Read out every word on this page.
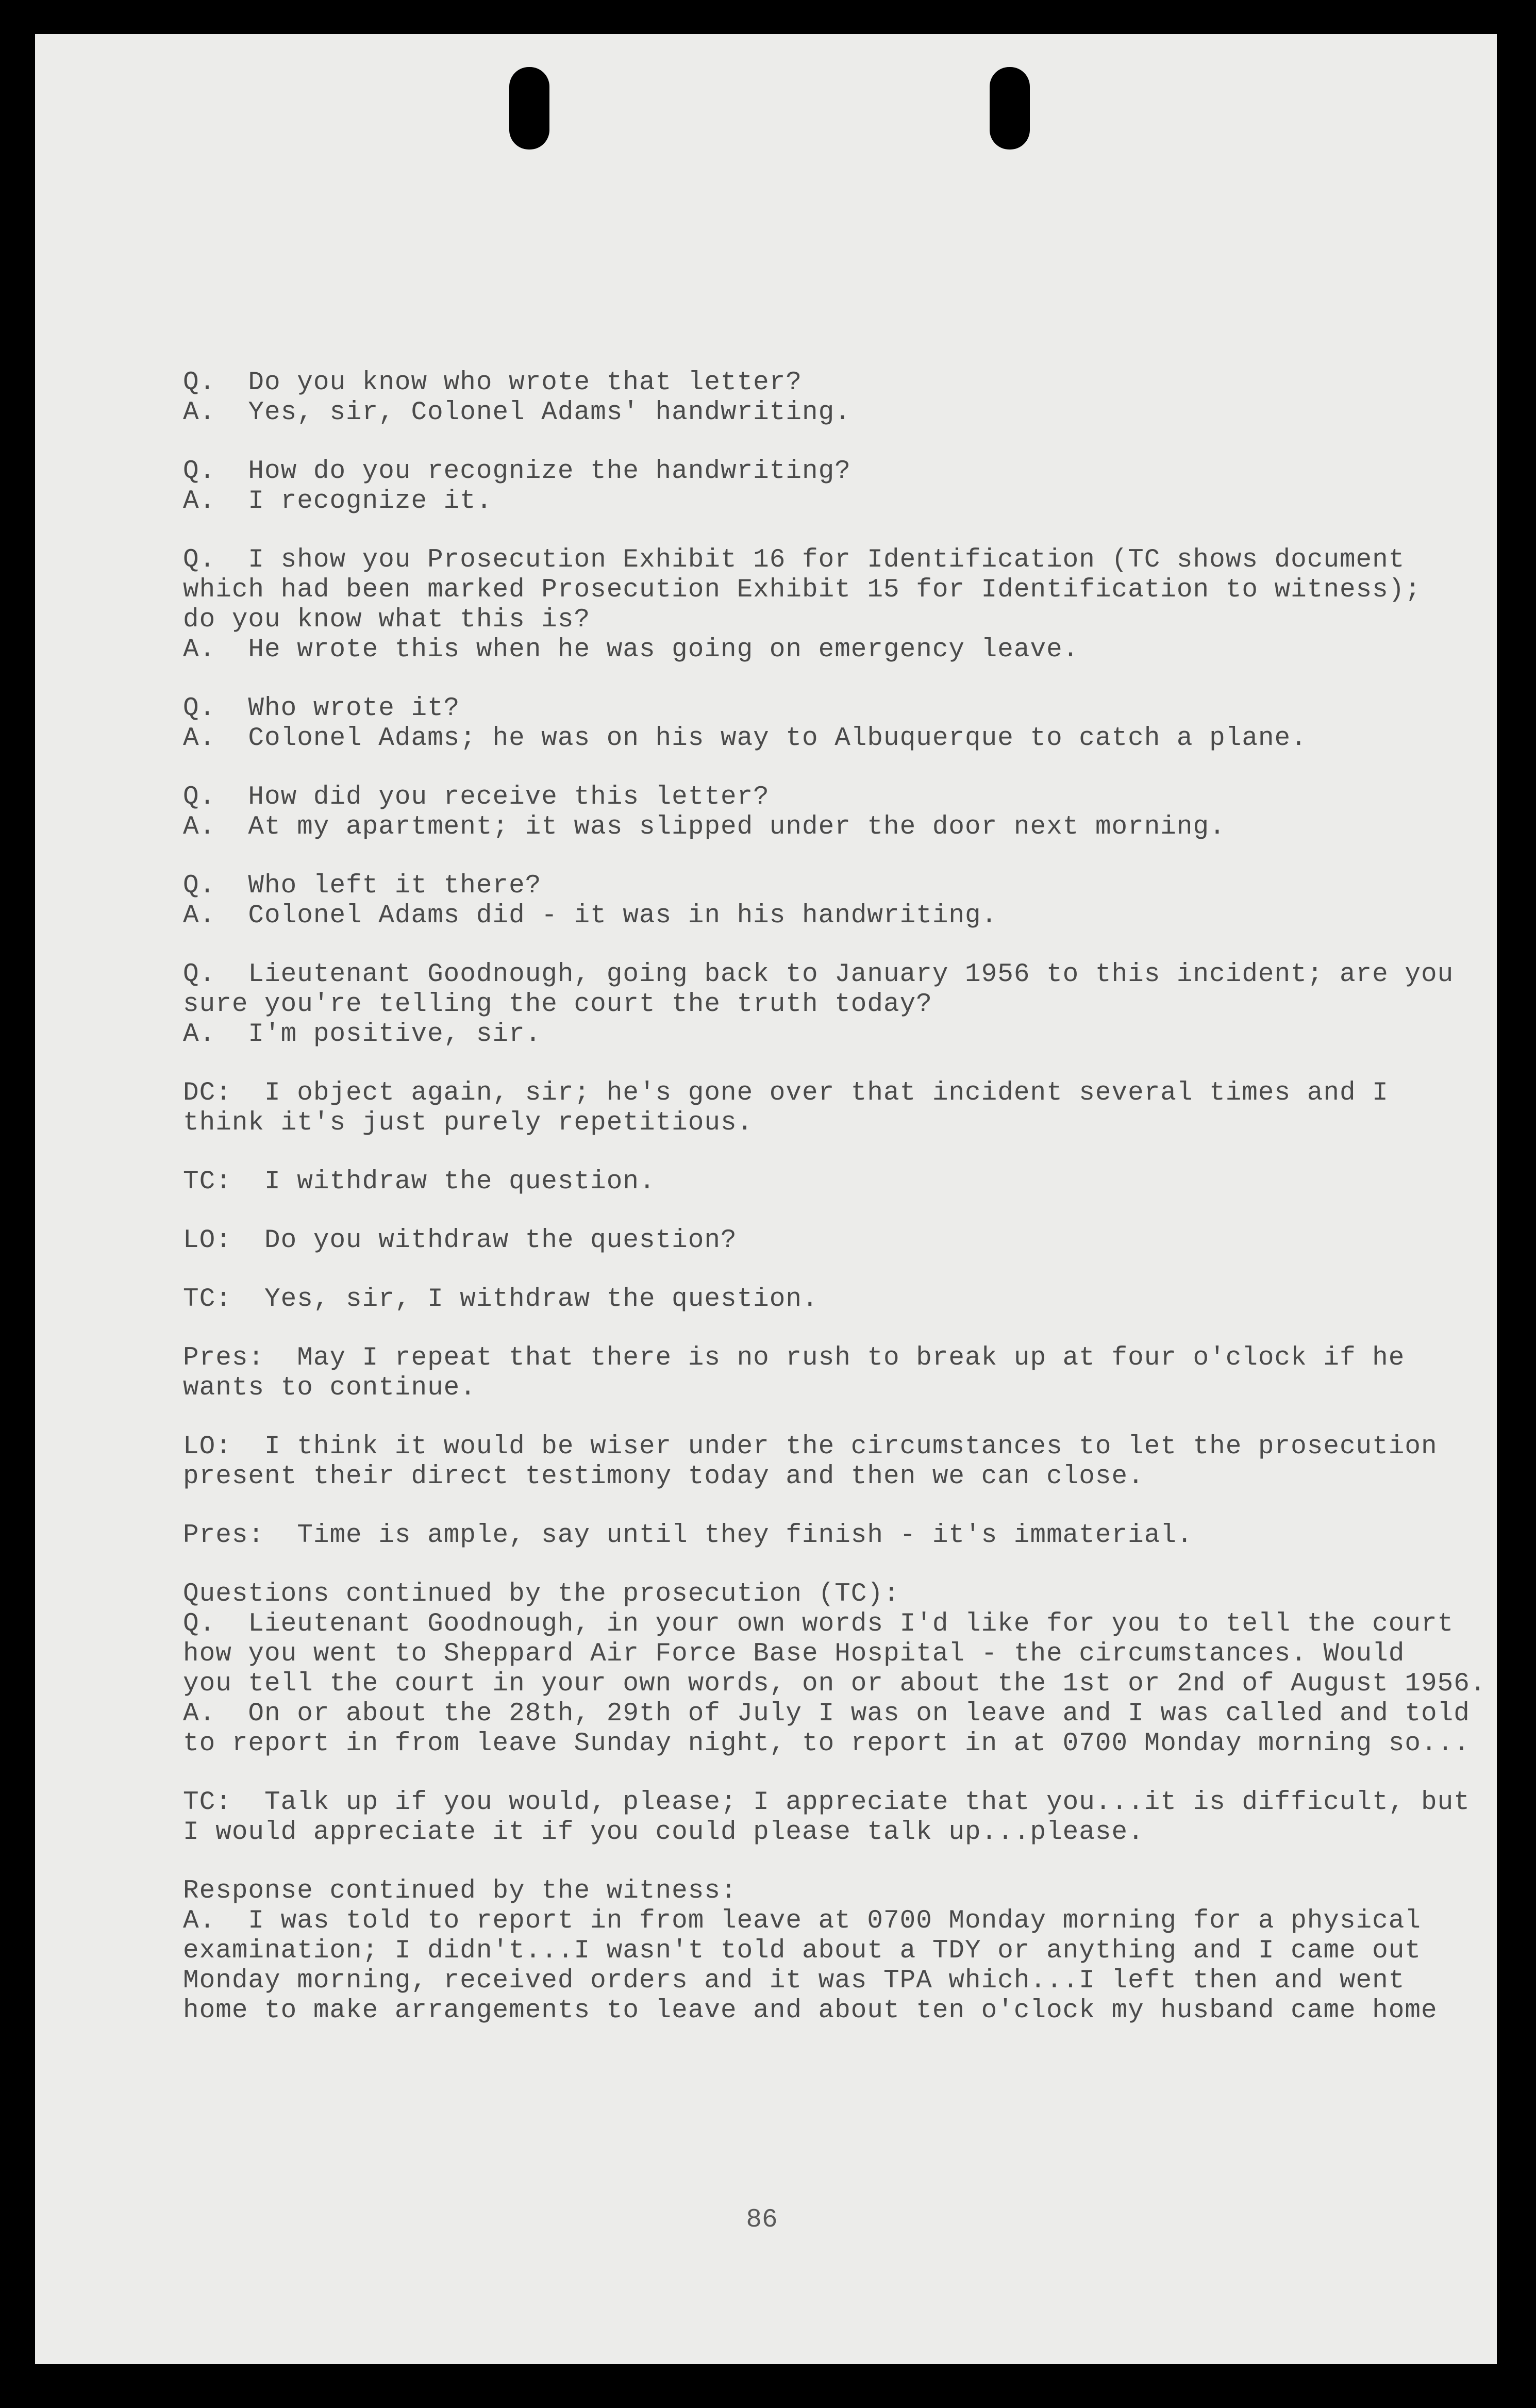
Q.  Do you know who wrote that letter?
A.  Yes, sir, Colonel Adams' handwriting.
Q.  How do you recognize the handwriting?
A.  I recognize it.
Q.  I show you Prosecution Exhibit 16 for Identification (TC shows document
which had been marked Prosecution Exhibit 15 for Identification to witness);
do you know what this is?
A.  He wrote this when he was going on emergency leave.
Q.  Who wrote it?
A.  Colonel Adams; he was on his way to Albuquerque to catch a plane.
Q.  How did you receive this letter?
A.  At my apartment; it was slipped under the door next morning.
Q.  Who left it there?
A.  Colonel Adams did - it was in his handwriting.
Q.  Lieutenant Goodnough, going back to January 1956 to this incident; are you
sure you're telling the court the truth today?
A.  I'm positive, sir.
DC:  I object again, sir; he's gone over that incident several times and I
think it's just purely repetitious.
TC:  I withdraw the question.
LO:  Do you withdraw the question?
TC:  Yes, sir, I withdraw the question.
Pres:  May I repeat that there is no rush to break up at four o'clock if he
wants to continue.
LO:  I think it would be wiser under the circumstances to let the prosecution
present their direct testimony today and then we can close.
Pres:  Time is ample, say until they finish - it's immaterial.
Questions continued by the prosecution (TC):
Q.  Lieutenant Goodnough, in your own words I'd like for you to tell the court
how you went to Sheppard Air Force Base Hospital - the circumstances. Would
you tell the court in your own words, on or about the 1st or 2nd of August 1956.
A.  On or about the 28th, 29th of July I was on leave and I was called and told
to report in from leave Sunday night, to report in at 0700 Monday morning so...
TC:  Talk up if you would, please; I appreciate that you...it is difficult, but
I would appreciate it if you could please talk up...please.
Response continued by the witness:
A.  I was told to report in from leave at 0700 Monday morning for a physical
examination; I didn't...I wasn't told about a TDY or anything and I came out
Monday morning, received orders and it was TPA which...I left then and went
home to make arrangements to leave and about ten o'clock my husband came home
86
